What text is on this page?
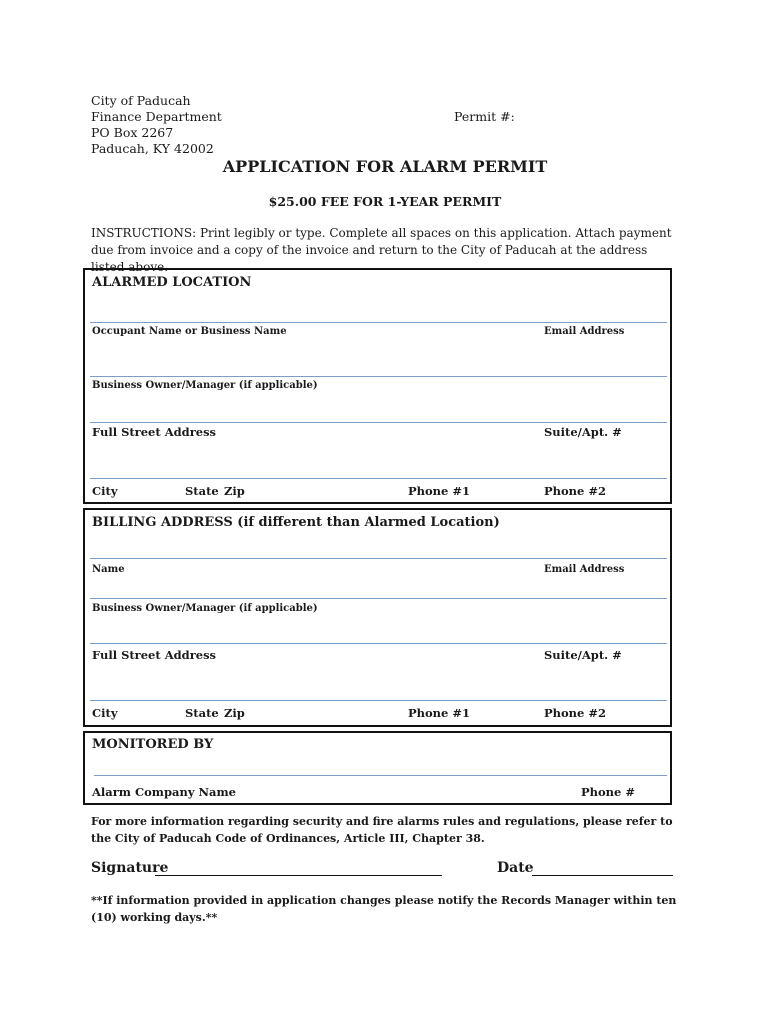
City of Paducah
Finance Department
PO Box 2267
Paducah, KY 42002
Permit #:
APPLICATION FOR ALARM PERMIT
$25.00 FEE FOR 1-YEAR PERMIT
INSTRUCTIONS: Print legibly or type. Complete all spaces on this application. Attach payment due from invoice and a copy of the invoice and return to the City of Paducah at the address listed above.
ALARMED LOCATION
Occupant Name or Business Name	Email Address
Business Owner/Manager (if applicable)
Full Street Address	Suite/Apt. #
City	State Zip	Phone #1	Phone #2
BILLING ADDRESS (if different than Alarmed Location)
Name	Email Address
Business Owner/Manager (if applicable)
Full Street Address	Suite/Apt. #
City	State Zip	Phone #1	Phone #2
MONITORED BY
Alarm Company Name	Phone #
For more information regarding security and fire alarms rules and regulations, please refer to the City of Paducah Code of Ordinances, Article III, Chapter 38.
Signature	Date
**If information provided in application changes please notify the Records Manager within ten (10) working days.**
